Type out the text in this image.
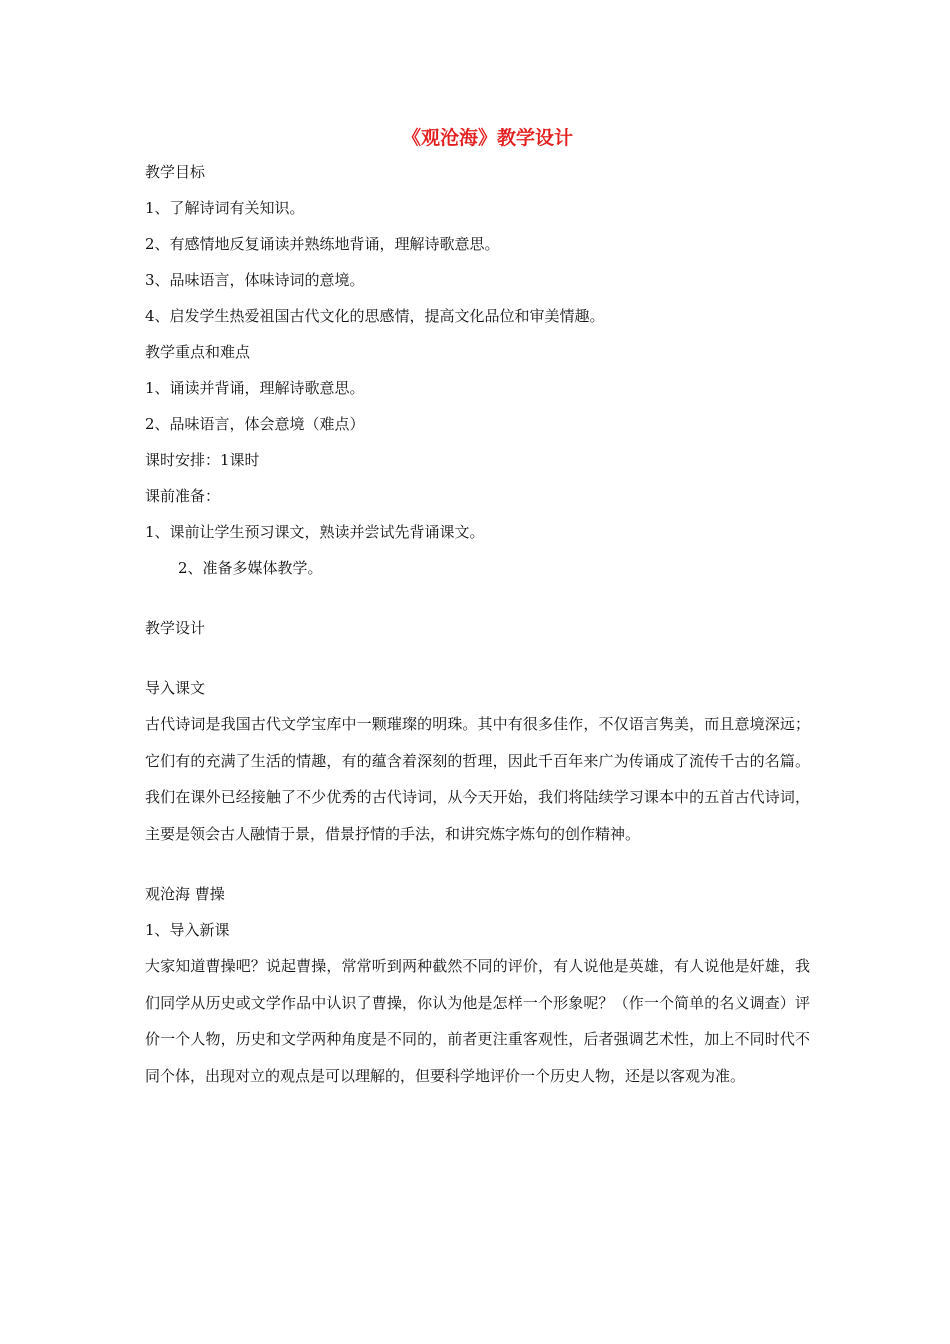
《观沧海》教学设计
教学目标
1、了解诗词有关知识。
2、有感情地反复诵读并熟练地背诵，理解诗歌意思。
3、品味语言，体味诗词的意境。
4、启发学生热爱祖国古代文化的思感情，提高文化品位和审美情趣。
教学重点和难点
1、诵读并背诵，理解诗歌意思。
2、品味语言，体会意境（难点）
课时安排：1课时
课前准备：
1、课前让学生预习课文，熟读并尝试先背诵课文。
2、准备多媒体教学。
教学设计
导入课文
古代诗词是我国古代文学宝库中一颗璀璨的明珠。其中有很多佳作，不仅语言隽美，而且意境深远；它们有的充满了生活的情趣，有的蕴含着深刻的哲理，因此千百年来广为传诵成了流传千古的名篇。我们在课外已经接触了不少优秀的古代诗词，从今天开始，我们将陆续学习课本中的五首古代诗词，主要是领会古人融情于景，借景抒情的手法，和讲究炼字炼句的创作精神。
观沧海 曹操
1、导入新课
大家知道曹操吧？说起曹操，常常听到两种截然不同的评价，有人说他是英雄，有人说他是奸雄，我们同学从历史或文学作品中认识了曹操，你认为他是怎样一个形象呢？（作一个简单的名义调查）评价一个人物，历史和文学两种角度是不同的，前者更注重客观性，后者强调艺术性，加上不同时代不同个体，出现对立的观点是可以理解的，但要科学地评价一个历史人物，还是以客观为准。
